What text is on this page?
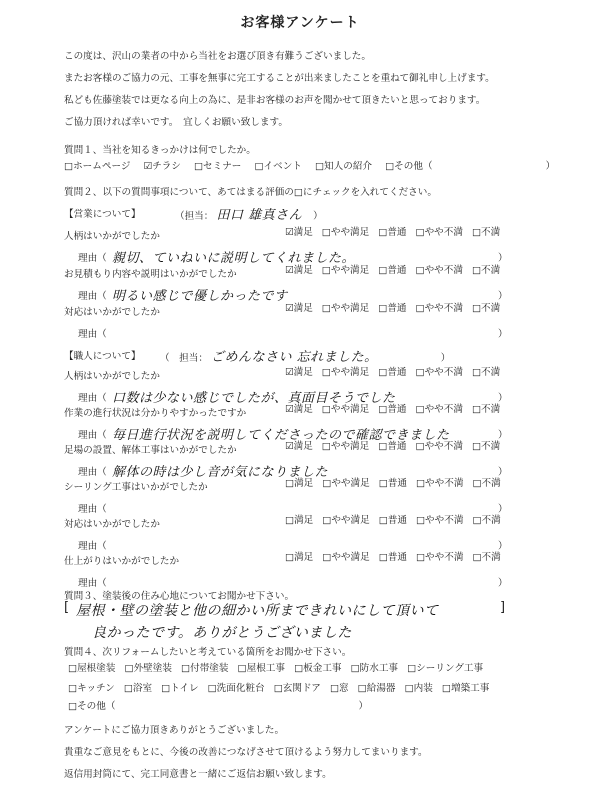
お客様アンケート
この度は、沢山の業者の中から当社をお選び頂き有難うございました。
またお客様のご協力の元、工事を無事に完工することが出来ましたことを重ねて御礼申し上げます。
私ども佐藤塗装では更なる向上の為に、是非お客様のお声を聞かせて頂きたいと思っております。
ご協力頂ければ幸いです。　宜しくお願い致します。
質問１、当社を知るきっかけは何でしたか。
□ホームページ ☑チラシ □セミナー □イベント □知人の紹介 □その他（	）
質問２、以下の質問事項について、あてはまる評価の□にチェックを入れてください。
【営業について】	（担当： 田口 雄真さん ）
人柄はいかがでしたか	☑満足 □やや満足 □普通 □やや不満 □不満
理由（ 親切、ていねいに説明してくれました。	）
お見積もり内容や説明はいかがでしたか	☑満足 □やや満足 □普通 □やや不満 □不満
理由（ 明るい感じで優しかったです	）
対応はいかがでしたか	☑満足 □やや満足 □普通 □やや不満 □不満
理由（	）
【職人について】 （　担当： ごめんなさい 忘れました。	）
人柄はいかがでしたか	☑満足 □やや満足 □普通 □やや不満 □不満
理由（ 口数は少ない感じでしたが、真面目そうでした	）
作業の進行状況は分かりやすかったですか	☑満足 □やや満足 □普通 □やや不満 □不満
理由（ 毎日進行状況を説明してくださったので確認できました	）
足場の設置、解体工事はいかがでしたか	☑満足 □やや満足 □普通 □やや不満 □不満
理由（ 解体の時は少し音が気になりました	）
シーリング工事はいかがでしたか	□満足 □やや満足 □普通 □やや不満 □不満
理由（	）
対応はいかがでしたか	□満足 □やや満足 □普通 □やや不満 □不満
理由（	）
仕上がりはいかがでしたか	□満足 □やや満足 □普通 □やや不満 □不満
理由（	）
質問３、塗装後の住み心地についてお聞かせ下さい。
[ 屋根・壁の塗装と他の細かい所まできれいにして頂いて	]
良かったです。ありがとうございました
質問４、次リフォームしたいと考えている箇所をお聞かせ下さい。
□屋根塗装 □外壁塗装 □付帯塗装 □屋根工事 □板金工事 □防水工事 □シーリング工事
□キッチン □浴室 □トイレ □洗面化粧台 □玄関ドア □窓 □給湯器 □内装 □増築工事
□その他（	）
アンケートにご協力頂きありがとうございました。
貴重なご意見をもとに、今後の改善につなげさせて頂けるよう努力してまいります。
返信用封筒にて、完工同意書と一緒にご返信お願い致します。
